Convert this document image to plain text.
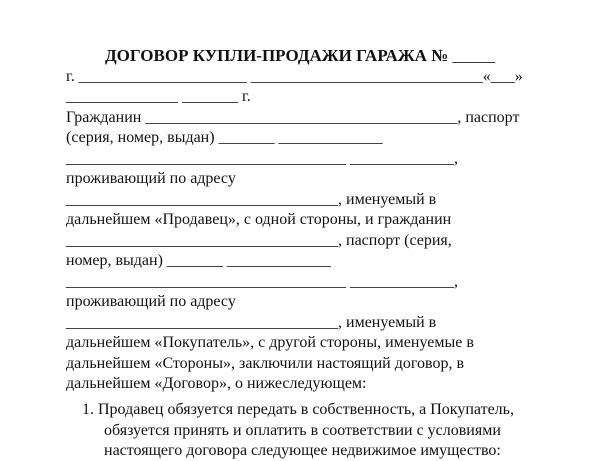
ДОГОВОР КУПЛИ-ПРОДАЖИ ГАРАЖА № _____
г. _____________________ _____________________________«___»
______________ _______ г.
Гражданин _______________________________________, паспорт
(серия, номер, выдан) _______ _____________
___________________________________ _____________,
проживающий по адресу
__________________________________, именуемый в
дальнейшем «Продавец», с одной стороны, и гражданин
__________________________________, паспорт (серия,
номер, выдан) _______ _____________
___________________________________ _____________,
проживающий по адресу
__________________________________, именуемый в
дальнейшем «Покупатель», с другой стороны, именуемые в
дальнейшем «Стороны», заключили настоящий договор, в
дальнейшем «Договор», о нижеследующем:
1. Продавец обязуется передать в собственность, а Покупатель,
обязуется принять и оплатить в соответствии с условиями
настоящего договора следующее недвижимое имущество:
